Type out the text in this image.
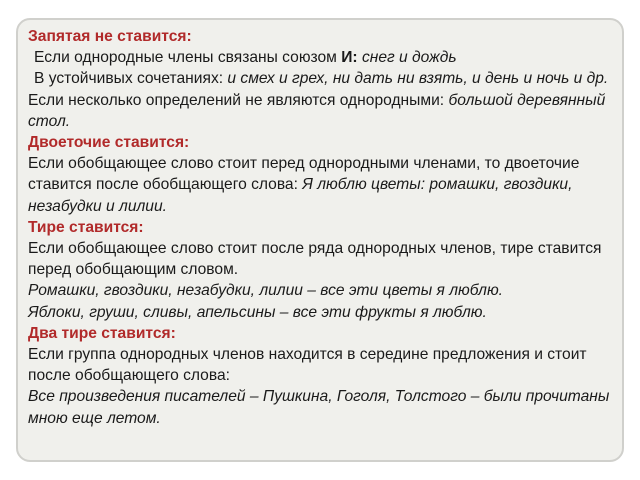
Запятая не ставится:

Если однородные члены связаны союзом И: снег и дождь

В устойчивых сочетаниях: и смех и грех, ни дать ни взять, и день и ночь и др.

Если несколько определений не являются однородными: большой деревянный стол.

Двоеточие ставится:

Если обобщающее слово стоит перед однородными членами, то двоеточие ставится после обобщающего слова: Я люблю цветы: ромашки, гвоздики, незабудки и лилии.

Тире ставится:

Если обобщающее слово стоит после ряда однородных членов, тире ставится перед обобщающим словом.

Ромашки, гвоздики, незабудки, лилии – все эти цветы я люблю.

Яблоки, груши, сливы, апельсины – все эти фрукты я люблю.

Два тире ставится:

Если группа однородных членов находится в середине предложения и стоит после обобщающего слова:

Все произведения писателей – Пушкина, Гоголя, Толстого – были прочитаны мною еще летом.
